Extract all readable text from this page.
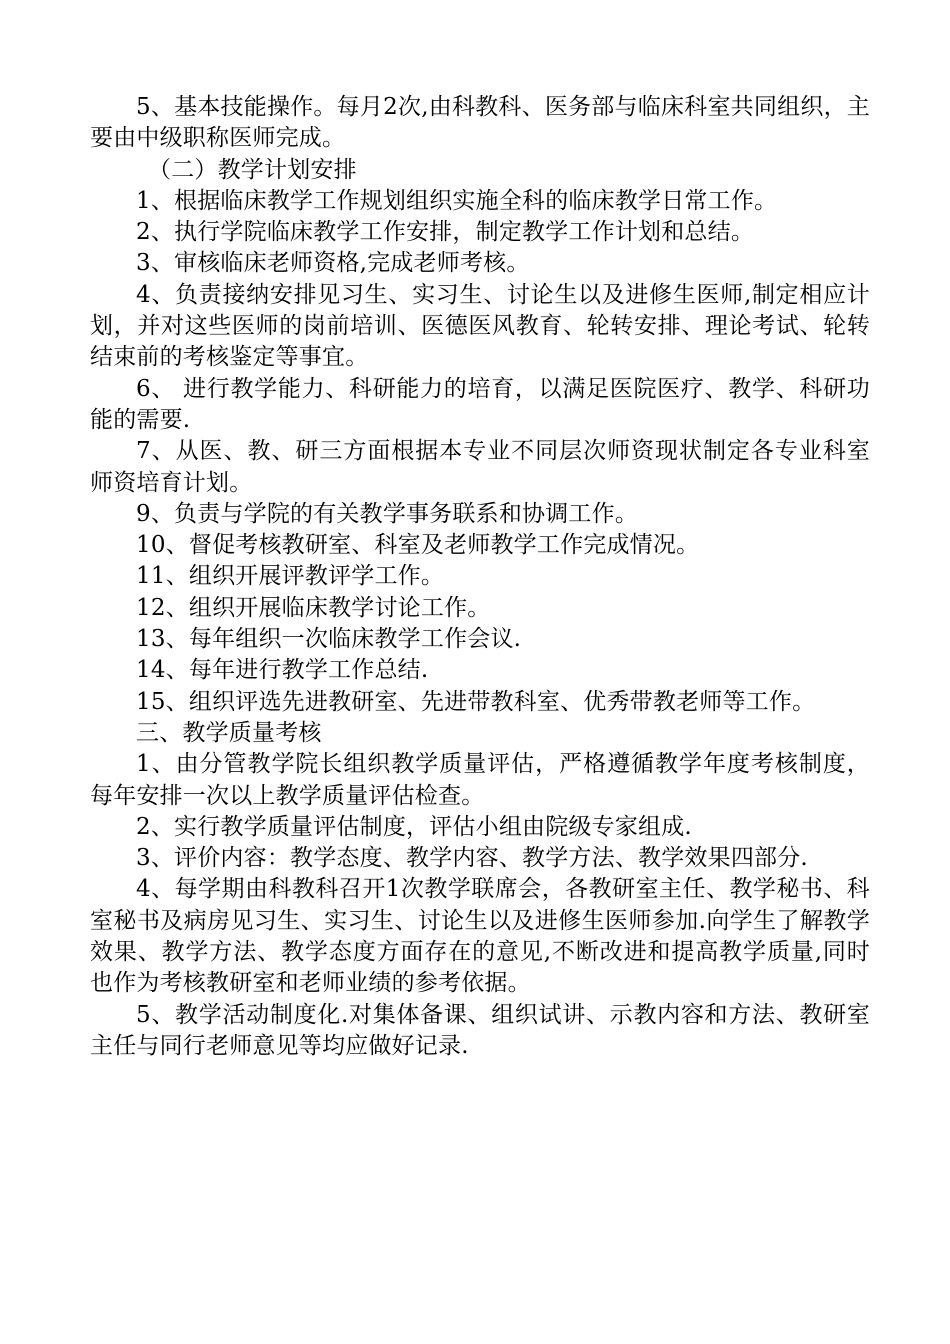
5、基本技能操作。每月2次,由科教科、医务部与临床科室共同组织，主要由中级职称医师完成。

（二）教学计划安排

1、根据临床教学工作规划组织实施全科的临床教学日常工作。

2、执行学院临床教学工作安排，制定教学工作计划和总结。

3、审核临床老师资格,完成老师考核。

4、负责接纳安排见习生、实习生、讨论生以及进修生医师,制定相应计划，并对这些医师的岗前培训、医德医风教育、轮转安排、理论考试、轮转结束前的考核鉴定等事宜。

6、 进行教学能力、科研能力的培育，以满足医院医疗、教学、科研功能的需要.

7、从医、教、研三方面根据本专业不同层次师资现状制定各专业科室师资培育计划。

9、负责与学院的有关教学事务联系和协调工作。

10、督促考核教研室、科室及老师教学工作完成情况。

11、组织开展评教评学工作。

12、组织开展临床教学讨论工作。

13、每年组织一次临床教学工作会议.

14、每年进行教学工作总结.

15、组织评选先进教研室、先进带教科室、优秀带教老师等工作。

三、教学质量考核

1、由分管教学院长组织教学质量评估，严格遵循教学年度考核制度，每年安排一次以上教学质量评估检查。

2、实行教学质量评估制度，评估小组由院级专家组成.

3、评价内容：教学态度、教学内容、教学方法、教学效果四部分.

4、每学期由科教科召开1次教学联席会，各教研室主任、教学秘书、科室秘书及病房见习生、实习生、讨论生以及进修生医师参加.向学生了解教学效果、教学方法、教学态度方面存在的意见,不断改进和提高教学质量,同时也作为考核教研室和老师业绩的参考依据。

5、教学活动制度化.对集体备课、组织试讲、示教内容和方法、教研室主任与同行老师意见等均应做好记录.
